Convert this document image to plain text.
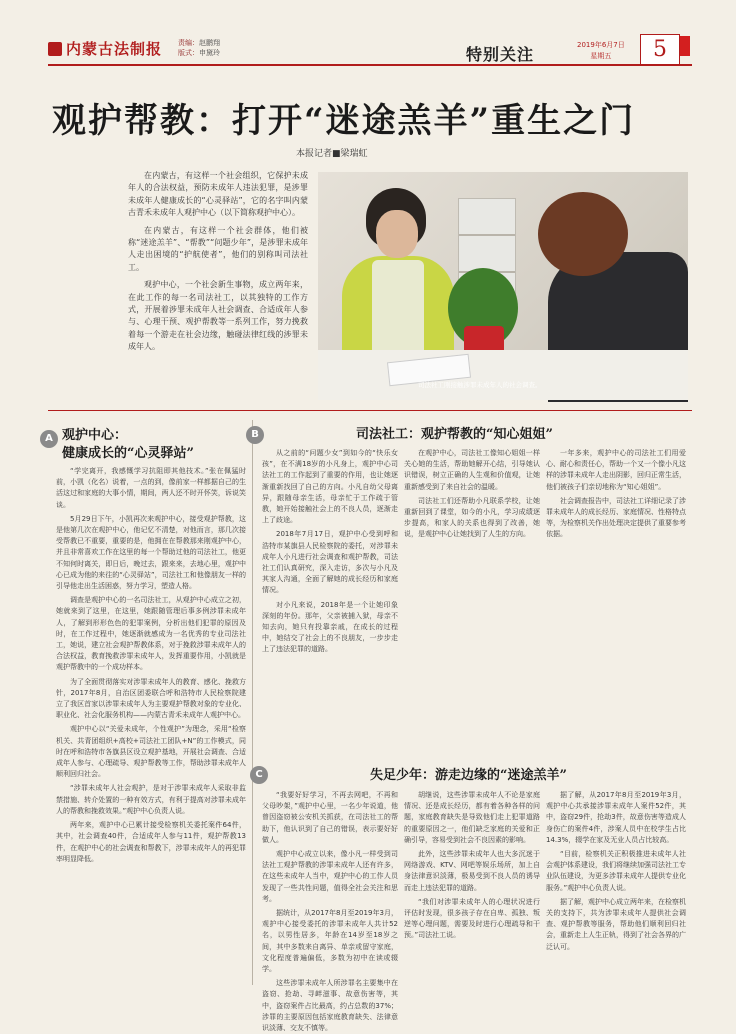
内蒙古法制报 责编：赵鹏翔
版式：申黛玲	特别关注	2019年6月7日
星期五	5
观护帮教：打开“迷途羔羊”重生之门
本报记者■梁瑞虹

在内蒙古，有这样一个社会组织，它保护未成年人的合法权益，预防未成年人违法犯罪，是涉罪未成年人健康成长的“心灵驿站”，它的名字叫内蒙古青禾未成年人观护中心（以下简称观护中心）。

在内蒙古，有这样一个社会群体，他们被称“迷途羔羊”、“帮教”“问题少年”，是涉罪未成年人走出困境的“护航使者”，他们的别称叫司法社工。

观护中心，一个社会新生事物，成立两年来，在此工作的每一名司法社工，以其独特的工作方式，开展着涉罪未成年人社会调查、合适成年人参与、心理干预、观护帮教等一系列工作，努力挽救着每一个游走在社会边缘，触碰法律红线的涉罪未成年人。

司法社工刚接触涉罪未成年人的社会调查。
A 观护中心：
健康成长的“心灵驿站”

“学完离开，我感慨学习抗阻即其他技术。”张在佩猛时前，小凯（化名）说着，一点的到，像前家一样都据自己的生活这过和家庭的大事小情，期间，两人还不时开怀笑，诉说笑谈。

5月29日下午，小凯再次来观护中心，接受观护帮教，这是他第几次在观护中心，他记忆不清楚，对他而言，那几次接受帮教已不重要，重要的是，他拥在在帮教那来刚观护中心，并且非常喜欢工作在这里的每一个帮助过他的司法社工，他更不知何时离关，即日后，晚过去，跟来来，去地心里，观护中心已成为他的来往的“心灵驿站”，司法社工和他像朋友一样的引导他走出生活困惑，努力学习，塑造人格。

调查是观护中心的一名司法社工，从观护中心成立之初，她就来到了这里，在这里，她跟随管理后事多例涉罪未成年人，了解到形形色色的犯罪案例，分析出他们犯罪的原因及时，在工作过程中，她逐渐就感成为一名优秀的专业司法社工，她说，建立社会观护帮教体系，对于挽救涉罪未成年人的合法权益，教育挽救涉罪未成年人，发挥重要作用，小凯就是观护帮教中的一个成功样本。

为了全面贯彻落实对涉罪未成年人的教育、感化、挽救方针，2017年8月，自治区团委联合呼和浩特市人民检察院建立了我区首家以涉罪未成年人为主要观护帮教对象的专业化、职业化、社会化服务机构——内蒙古青禾未成年人观护中心。

观护中心以“关爱未成年，个性观护”为理念，采用“检察机关、共青团组织+高校+司法社工团队+N”的工作模式，同时在呼和浩特市各旗县区设立观护基地，开展社会调查、合适成年人参与、心理疏导、观护帮教等工作，帮助涉罪未成年人顺利回归社会。

“涉罪未成年人社会观护，是对于涉罪未成年人采取非监禁措施、转介处置的一种有效方式，有利于提高对涉罪未成年人的帮教和挽救效果。”观护中心负责人说。

两年来，观护中心已累计接受检察机关委托案件64件，其中，社会调查40件，合适成年人参与11件，观护帮教13件，在观护中心的社会调查和帮教下，涉罪未成年人的再犯罪率明显降低。

B	司法社工：观护帮教的“知心姐姐”

从之前的“问题少女”到如今的“快乐女孩”，在不满18岁的小凡身上，观护中心司法社工的工作起到了重要的作用，也让她逐渐重新找回了自己的方向。小凡自幼父母离异，跟随母亲生活，母亲忙于工作疏于管教，她开始接触社会上的不良人员，逐渐走上了歧途。

2018年7月17日，观护中心受到呼和浩特市某旗县人民检察院的委托，对涉罪未成年人小凡进行社会调查和观护帮教，司法社工们认真研究，深入走访，多次与小凡及其家人沟通，全面了解她的成长经历和家庭情况。

对小凡来说，2018年是一个让她印象深刻的年份。那年，父亲被捕入狱，母亲不知去向，她只有投靠亲戚，在成长的过程中，她结交了社会上的不良朋友，一步步走上了违法犯罪的道路。

在观护中心，司法社工像知心姐姐一样关心她的生活，帮助她解开心结，引导她认识错误，树立正确的人生观和价值观，让她重新感受到了来自社会的温暖。

司法社工们还帮助小凡联系学校，让她重新回到了课堂，如今的小凡，学习成绩逐步提高，和家人的关系也得到了改善，她说，是观护中心让她找到了人生的方向。

一年多来，观护中心的司法社工们用爱心、耐心和责任心，帮助一个又一个像小凡这样的涉罪未成年人走出阴影，回归正常生活，他们被孩子们亲切地称为“知心姐姐”。

社会调查报告中，司法社工详细记录了涉罪未成年人的成长经历、家庭情况、性格特点等，为检察机关作出处理决定提供了重要参考依据。

C	失足少年：游走边缘的“迷途羔羊”

“我要好好学习，不再去网吧，不再和父母吵架，”观护中心里，一名少年说道，他曾因盗窃被公安机关抓获，在司法社工的帮助下，他认识到了自己的错误，表示要好好做人。

观护中心成立以来，像小凡一样受到司法社工观护帮教的涉罪未成年人还有许多，在这些未成年人当中，观护中心的工作人员发现了一些共性问题，值得全社会关注和思考。

据统计，从2017年8月至2019年3月，观护中心接受委托的涉罪未成年人共计52名，以男性居多，年龄在14岁至18岁之间，其中多数来自离异、单亲或留守家庭，文化程度普遍偏低，多数为初中在读或辍学。

这些涉罪未成年人所涉罪名主要集中在盗窃、抢劫、寻衅滋事、故意伤害等，其中，盗窃案件占比最高，约占总数的37%；涉罪的主要原因包括家庭教育缺失、法律意识淡薄、交友不慎等。

胡继说，这些涉罪未成年人不论是家庭情况、还是成长经历，都有着各种各样的问题，家庭教育缺失是导致他们走上犯罪道路的重要原因之一，他们缺乏家庭的关爱和正确引导，容易受到社会不良因素的影响。

此外，这些涉罪未成年人也大多沉迷于网络游戏、KTV、网吧等娱乐场所，加上自身法律意识淡薄，极易受到不良人员的诱导而走上违法犯罪的道路。

“我们对涉罪未成年人的心理状况进行评估时发现，很多孩子存在自卑、孤独、叛逆等心理问题，需要及时进行心理疏导和干预。”司法社工说。

据了解，从2017年8月至2019年3月，观护中心共承接涉罪未成年人案件52件，其中，盗窃29件，抢劫3件，故意伤害等造成人身伤亡的案件4件，涉案人员中在校学生占比14.3%，辍学在家及无业人员占比较高。

“目前，检察机关正积极推进未成年人社会观护体系建设，我们将继续加强司法社工专业队伍建设，为更多涉罪未成年人提供专业化服务。”观护中心负责人说。

据了解，观护中心成立两年来，在检察机关的支持下，共为涉罪未成年人提供社会调查、观护帮教等服务，帮助他们顺利回归社会，重新走上人生正轨，得到了社会各界的广泛认可。
